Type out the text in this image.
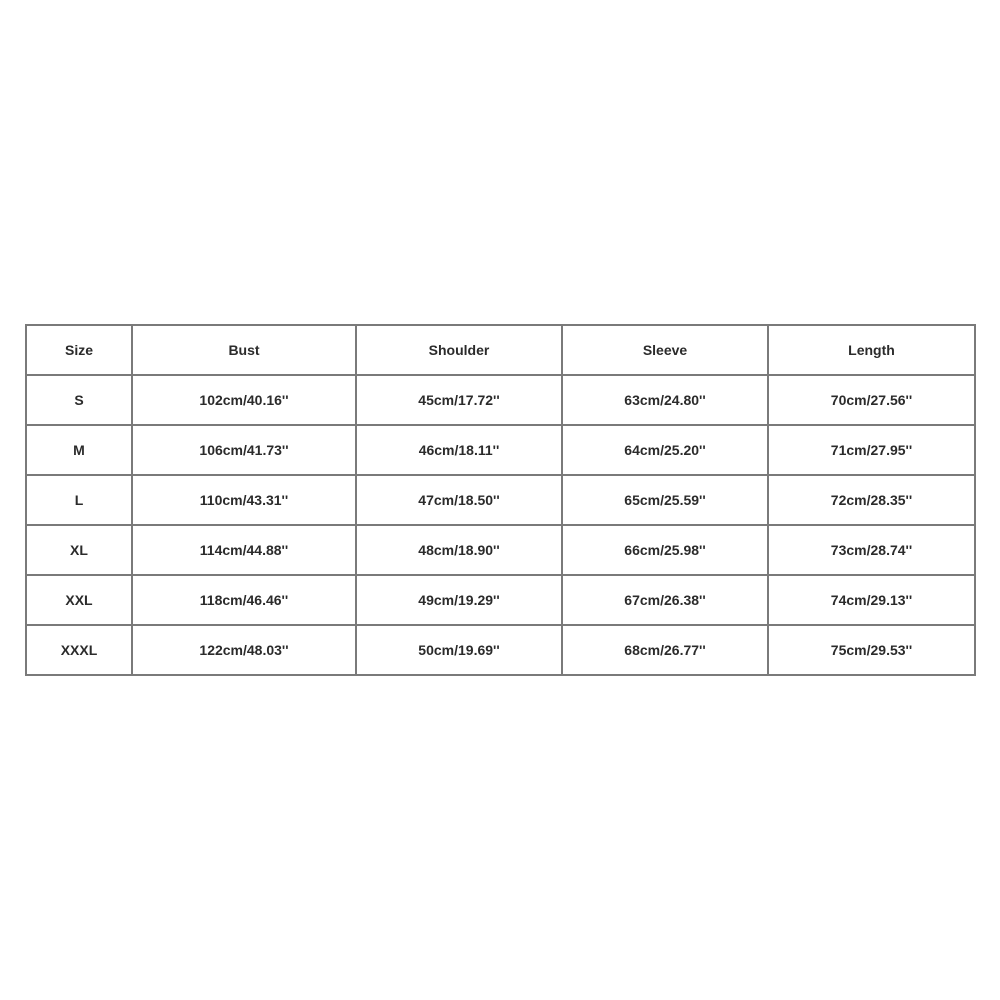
Size	Bust	Shoulder	Sleeve	Length
S	102cm/40.16''	45cm/17.72''	63cm/24.80''	70cm/27.56''
M	106cm/41.73''	46cm/18.11''	64cm/25.20''	71cm/27.95''
L	110cm/43.31''	47cm/18.50''	65cm/25.59''	72cm/28.35''
XL	114cm/44.88''	48cm/18.90''	66cm/25.98''	73cm/28.74''
XXL	118cm/46.46''	49cm/19.29''	67cm/26.38''	74cm/29.13''
XXXL	122cm/48.03''	50cm/19.69''	68cm/26.77''	75cm/29.53''
